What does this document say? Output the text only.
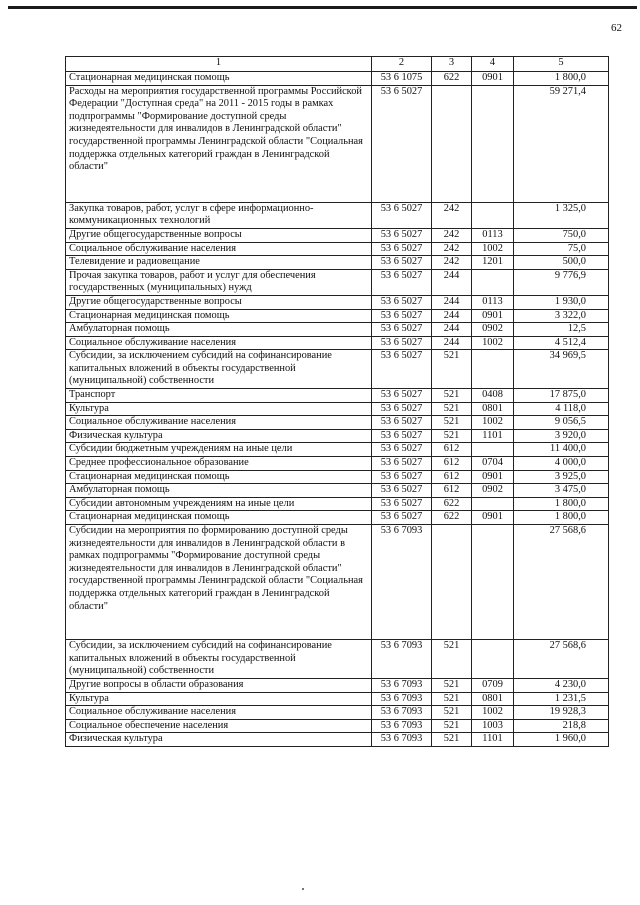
62
1	2	3	4	5
Стационарная медицинская помощь	53 6 1075	622	0901	1 800,0
Расходы на мероприятия государственной программы Российской Федерации "Доступная среда" на 2011 - 2015 годы в рамках подпрограммы "Формирование доступной среды жизнедеятельности для инвалидов в Ленинградской области" государственной программы Ленинградской области "Социальная поддержка отдельных категорий граждан в Ленинградской области"	53 6 5027			59 271,4
Закупка товаров, работ, услуг в сфере информационно-коммуникационных технологий	53 6 5027	242		1 325,0
Другие общегосударственные вопросы	53 6 5027	242	0113	750,0
Социальное обслуживание населения	53 6 5027	242	1002	75,0
Телевидение и радиовещание	53 6 5027	242	1201	500,0
Прочая закупка товаров, работ и услуг для обеспечения государственных (муниципальных) нужд	53 6 5027	244		9 776,9
Другие общегосударственные вопросы	53 6 5027	244	0113	1 930,0
Стационарная медицинская помощь	53 6 5027	244	0901	3 322,0
Амбулаторная помощь	53 6 5027	244	0902	12,5
Социальное обслуживание населения	53 6 5027	244	1002	4 512,4
Субсидии, за исключением субсидий на софинансирование капитальных вложений в объекты государственной (муниципальной) собственности	53 6 5027	521		34 969,5
Транспорт	53 6 5027	521	0408	17 875,0
Культура	53 6 5027	521	0801	4 118,0
Социальное обслуживание населения	53 6 5027	521	1002	9 056,5
Физическая культура	53 6 5027	521	1101	3 920,0
Субсидии бюджетным учреждениям на иные цели	53 6 5027	612		11 400,0
Среднее профессиональное образование	53 6 5027	612	0704	4 000,0
Стационарная медицинская помощь	53 6 5027	612	0901	3 925,0
Амбулаторная помощь	53 6 5027	612	0902	3 475,0
Субсидии автономным учреждениям на иные цели	53 6 5027	622		1 800,0
Стационарная медицинская помощь	53 6 5027	622	0901	1 800,0
Субсидии на мероприятия по формированию доступной среды жизнедеятельности для инвалидов в Ленинградской области в рамках подпрограммы "Формирование доступной среды жизнедеятельности для инвалидов в Ленинградской области" государственной программы Ленинградской области "Социальная поддержка отдельных категорий граждан в Ленинградской области"	53 6 7093			27 568,6
Субсидии, за исключением субсидий на софинансирование капитальных вложений в объекты государственной (муниципальной) собственности	53 6 7093	521		27 568,6
Другие вопросы в области образования	53 6 7093	521	0709	4 230,0
Культура	53 6 7093	521	0801	1 231,5
Социальное обслуживание населения	53 6 7093	521	1002	19 928,3
Социальное обеспечение населения	53 6 7093	521	1003	218,8
Физическая культура	53 6 7093	521	1101	1 960,0
